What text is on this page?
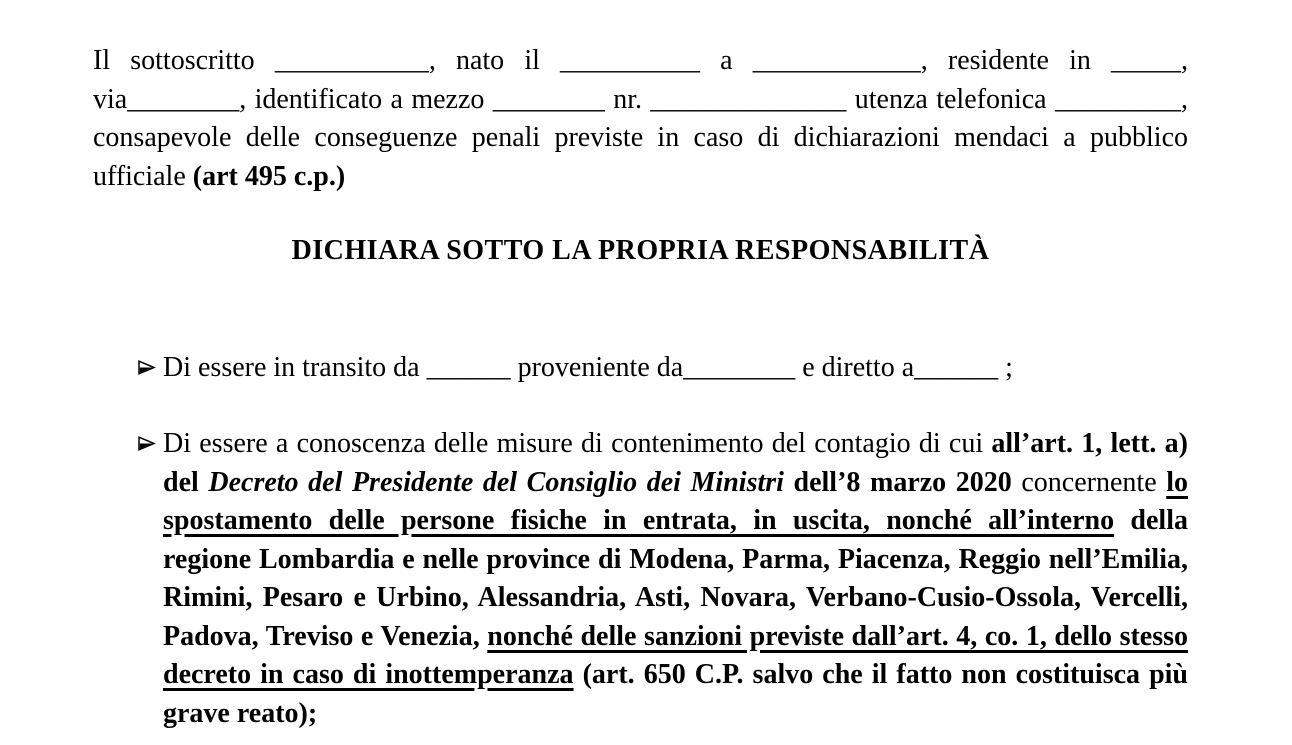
Il sottoscritto ___________, nato il __________ a ____________, residente in _____, via________, identificato a mezzo ________ nr. ______________ utenza telefonica _________, consapevole delle conseguenze penali previste in caso di dichiarazioni mendaci a pubblico ufficiale (art 495 c.p.)

DICHIARA SOTTO LA PROPRIA RESPONSABILITÀ

Di essere in transito da ______ proveniente da________ e diretto a______ ;

Di essere a conoscenza delle misure di contenimento del contagio di cui all’art. 1, lett. a) del Decreto del Presidente del Consiglio dei Ministri dell’8 marzo 2020 concernente lo spostamento delle persone fisiche in entrata, in uscita, nonché all’interno della regione Lombardia e nelle province di Modena, Parma, Piacenza, Reggio nell’Emilia, Rimini, Pesaro e Urbino, Alessandria, Asti, Novara, Verbano-Cusio-Ossola, Vercelli, Padova, Treviso e Venezia, nonché delle sanzioni previste dall’art. 4, co. 1, dello stesso decreto in caso di inottemperanza (art. 650 C.P. salvo che il fatto non costituisca più grave reato);
